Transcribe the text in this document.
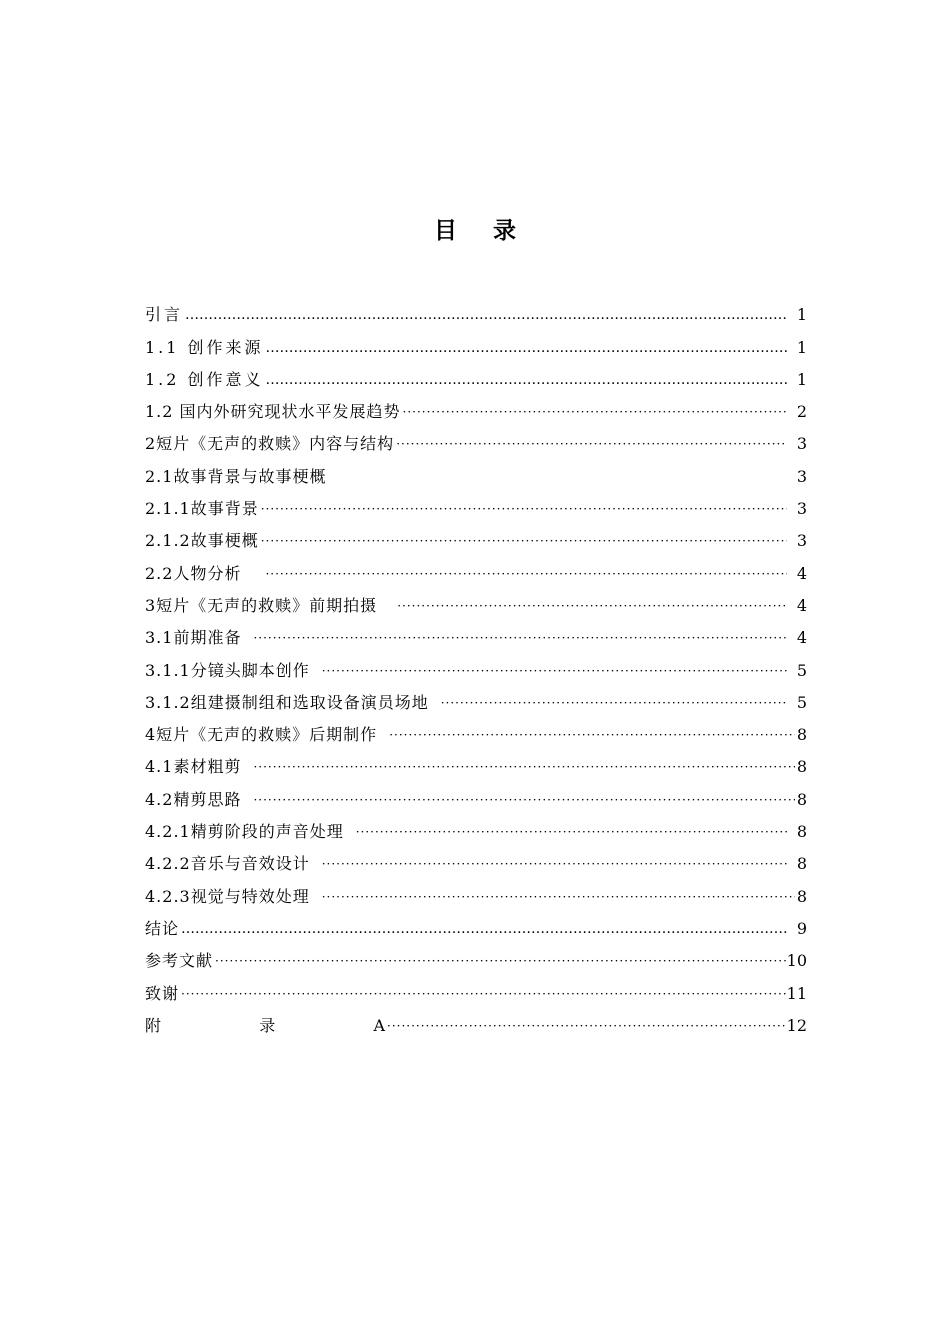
目 录
引言 …………………………………………………………………………………………………………………………………………………………………………………………………………………………………………………………………………	1
1.1 创作来源 …………………………………………………………………………………………………………………………………………………………………………………………………………………………………………………………………………	1
1.2 创作意义 …………………………………………………………………………………………………………………………………………………………………………………………………………………………………………………………………………	1
1.2 国内外研究现状水平发展趋势 ·····	2
2短片《无声的救赎》内容与结构 ·····	3
2.1故事背景与故事梗概	3
2.1.1故事背景 ·····	3
2.1.2故事梗概 ·····	3
2.2人物分析 ·····	4
3短片《无声的救赎》前期拍摄 ·····	4
3.1前期准备 ·····	4
3.1.1分镜头脚本创作 ·····	5
3.1.2组建摄制组和选取设备演员场地 ·····	5
4短片《无声的救赎》后期制作 ·····	8
4.1素材粗剪 ·····	8
4.2精剪思路 ·····	8
4.2.1精剪阶段的声音处理 ·····	8
4.2.2音乐与音效设计 ·····	8
4.2.3视觉与特效处理 ·····	8
结论 …………………………………………………………………………………………………………………………………………………………………………………………………………………………………………………………………………	9
参考文献 ·····	10
致谢 ·····	11
附	录	A ·····	12
